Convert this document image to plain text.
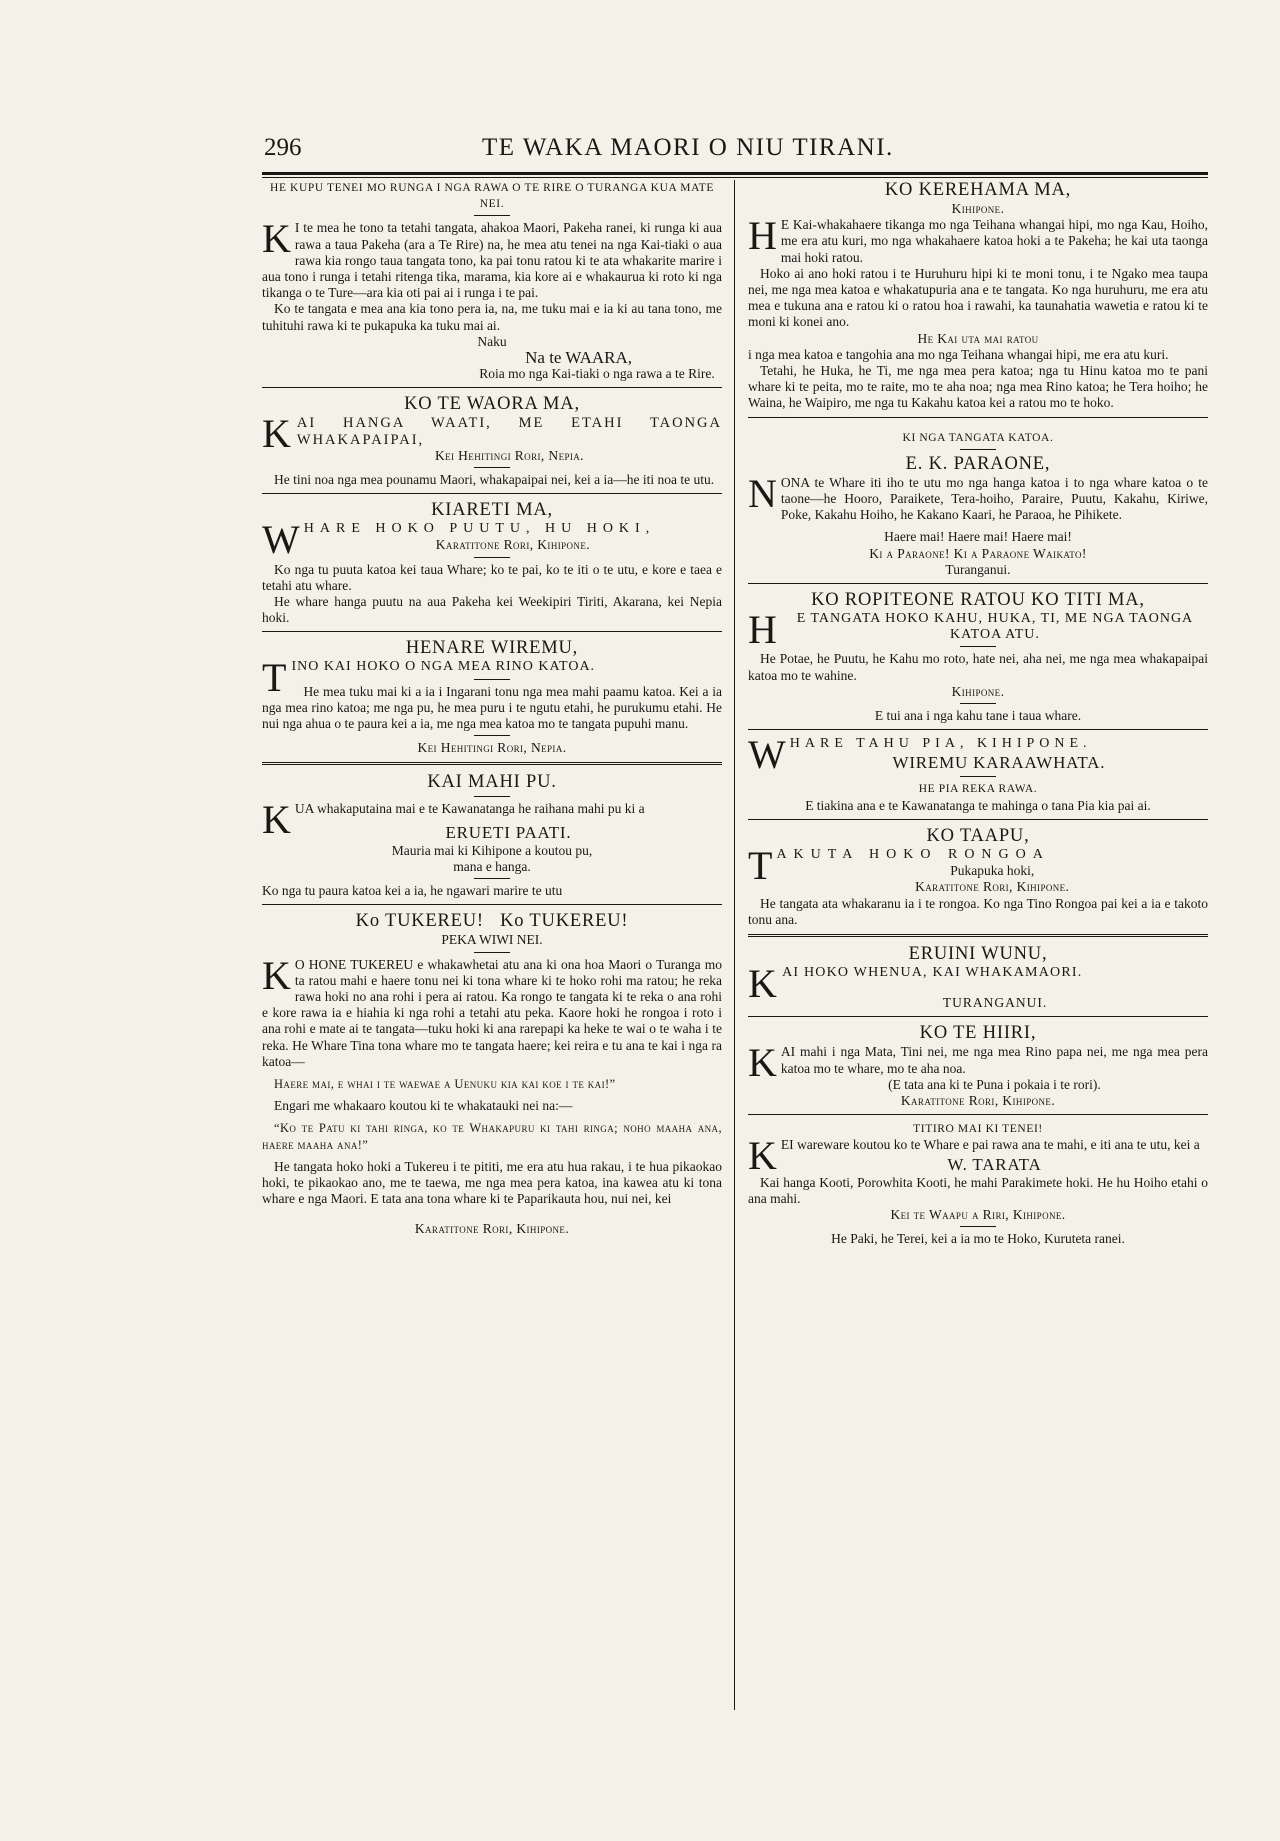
296	TE WAKA MAORI O NIU TIRANI.
HE KUPU TENEI MO RUNGA I NGA RAWA O TE RIRE O TURANGA KUA MATE NEI.

K I te mea he tono ta tetahi tangata, ahakoa Maori, Pakeha ranei, ki runga ki aua rawa a taua Pakeha (ara a Te Rire) na, he mea atu tenei na nga Kai-tiaki o aua rawa kia rongo taua tangata tono, ka pai tonu ratou ki te ata whakarite marire i aua tono i runga i tetahi ritenga tika, marama, kia kore ai e whakaurua ki roto ki nga tikanga o te Ture—ara kia oti pai ai i runga i te pai.

Ko te tangata e mea ana kia tono pera ia, na, me tuku mai e ia ki au tana tono, me tuhituhi rawa ki te pukapuka ka tuku mai ai.

Naku

Na te WAARA,

Roia mo nga Kai-tiaki o nga rawa a te Rire.

KO TE WAORA MA,

KAI HANGA WAATI, ME ETAHI TAONGA WHAKAPAIPAI,

Kei Hehitingi Rori, Nepia.

He tini noa nga mea pounamu Maori, whakapaipai nei, kei a ia—he iti noa te utu.

KIARETI MA,

WHARE HOKO PUUTU, HU HOKI,

Karatitone Rori, Kihipone.

Ko nga tu puuta katoa kei taua Whare; ko te pai, ko te iti o te utu, e kore e taea e tetahi atu whare.

He whare hanga puutu na aua Pakeha kei Weekipiri Tiriti, Akarana, kei Nepia hoki.

HENARE WIREMU,

TINO KAI HOKO O NGA MEA RINO KATOA.

He mea tuku mai ki a ia i Ingarani tonu nga mea mahi paamu katoa. Kei a ia nga mea rino katoa; me nga pu, he mea puru i te ngutu etahi, he purukumu etahi. He nui nga ahua o te paura kei a ia, me nga mea katoa mo te tangata pupuhi manu.

Kei Hehitingi Rori, Nepia.

KAI MAHI PU.

KUA whakaputaina mai e te Kawanatanga he raihana mahi pu ki a

ERUETI PAATI.

Mauria mai ki Kihipone a koutou pu,

mana e hanga.

Ko nga tu paura katoa kei a ia, he ngawari marire te utu

Ko TUKEREU!   Ko TUKEREU!

PEKA WIWI NEI.

K O HONE TUKEREU e whakawhetai atu ana ki ona hoa Maori o Turanga mo ta ratou mahi e haere tonu nei ki tona whare ki te hoko rohi ma ratou; he reka rawa hoki no ana rohi i pera ai ratou. Ka rongo te tangata ki te reka o ana rohi e kore rawa ia e hiahia ki nga rohi a tetahi atu peka. Kaore hoki he rongoa i roto i ana rohi e mate ai te tangata—tuku hoki ki ana rarepapi ka heke te wai o te waha i te reka. He Whare Tina tona whare mo te tangata haere; kei reira e tu ana te kai i nga ra katoa—

Haere mai, e whai i te waewae a Uenuku kia kai koe i te kai!”

Engari me whakaaro koutou ki te whakatauki nei na:—

“Ko te Patu ki tahi ringa, ko te Whakapuru ki tahi ringa; noho maaha ana, haere maaha ana!”

He tangata hoko hoki a Tukereu i te pititi, me era atu hua rakau, i te hua pikaokao hoki, te pikaokao ano, me te taewa, me nga mea pera katoa, ina kawea atu ki tona whare e nga Maori. E tata ana tona whare ki te Paparikauta hou, nui nei, kei

Karatitone Rori, Kihipone.

KO KEREHAMA MA,

Kihipone.

H E Kai-whakahaere tikanga mo nga Teihana whangai hipi, mo nga Kau, Hoiho, me era atu kuri, mo nga whakahaere katoa hoki a te Pakeha; he kai uta taonga mai hoki ratou.

Hoko ai ano hoki ratou i te Huruhuru hipi ki te moni tonu, i te Ngako mea taupa nei, me nga mea katoa e whakatupuria ana e te tangata. Ko nga huruhuru, me era atu mea e tukuna ana e ratou ki o ratou hoa i rawahi, ka taunahatia wawetia e ratou ki te moni ki konei ano.

He Kai uta mai ratou

i nga mea katoa e tangohia ana mo nga Teihana whangai hipi, me era atu kuri.

Tetahi, he Huka, he Ti, me nga mea pera katoa; nga tu Hinu katoa mo te pani whare ki te peita, mo te raite, mo te aha noa; nga mea Rino katoa; he Tera hoiho; he Waina, he Waipiro, me nga tu Kakahu katoa kei a ratou mo te hoko.

KI NGA TANGATA KATOA.
E. K. PARAONE,

NONA te Whare iti iho te utu mo nga hanga katoa i to nga whare katoa o te taone—he Hooro, Paraikete, Tera-hoiho, Paraire, Puutu, Kakahu, Kiriwe, Poke, Kakahu Hoiho, he Kakano Kaari, he Paraoa, he Pihikete.

Haere mai! Haere mai! Haere mai!

Ki a Paraone! Ki a Paraone Waikato!

Turanganui.

KO ROPITEONE RATOU KO TITI MA,

H E TANGATA HOKO KAHU, HUKA, TI, ME NGA TAONGA KATOA ATU.

He Potae, he Puutu, he Kahu mo roto, hate nei, aha nei, me nga mea whakapaipai katoa mo te wahine.

Kihipone.

E tui ana i nga kahu tane i taua whare.

WHARE TAHU PIA, KIHIPONE.

WIREMU KARAAWHATA.
HE PIA REKA RAWA.

E tiakina ana e te Kawanatanga te mahinga o tana Pia kia pai ai.

KO TAAPU,

TAKUTA HOKO RONGOA

Pukapuka hoki,

Karatitone Rori, Kihipone.

He tangata ata whakaranu ia i te rongoa. Ko nga Tino Rongoa pai kei a ia e takoto tonu ana.

ERUINI WUNU,

KAI HOKO WHENUA, KAI WHAKAMAORI.

TURANGANUI.

KO TE HIIRI,

KAI mahi i nga Mata, Tini nei, me nga mea Rino papa nei, me nga mea pera katoa mo te whare, mo te aha noa.

(E tata ana ki te Puna i pokaia i te rori).

Karatitone Rori, Kihipone.

TITIRO MAI KI TENEI!

KEI wareware koutou ko te Whare e pai rawa ana te mahi, e iti ana te utu, kei a

W. TARATA

Kai hanga Kooti, Porowhita Kooti, he mahi Parakimete hoki. He hu Hoiho etahi o ana mahi.

Kei te Waapu a Riri, Kihipone.

He Paki, he Terei, kei a ia mo te Hoko, Kuruteta ranei.
